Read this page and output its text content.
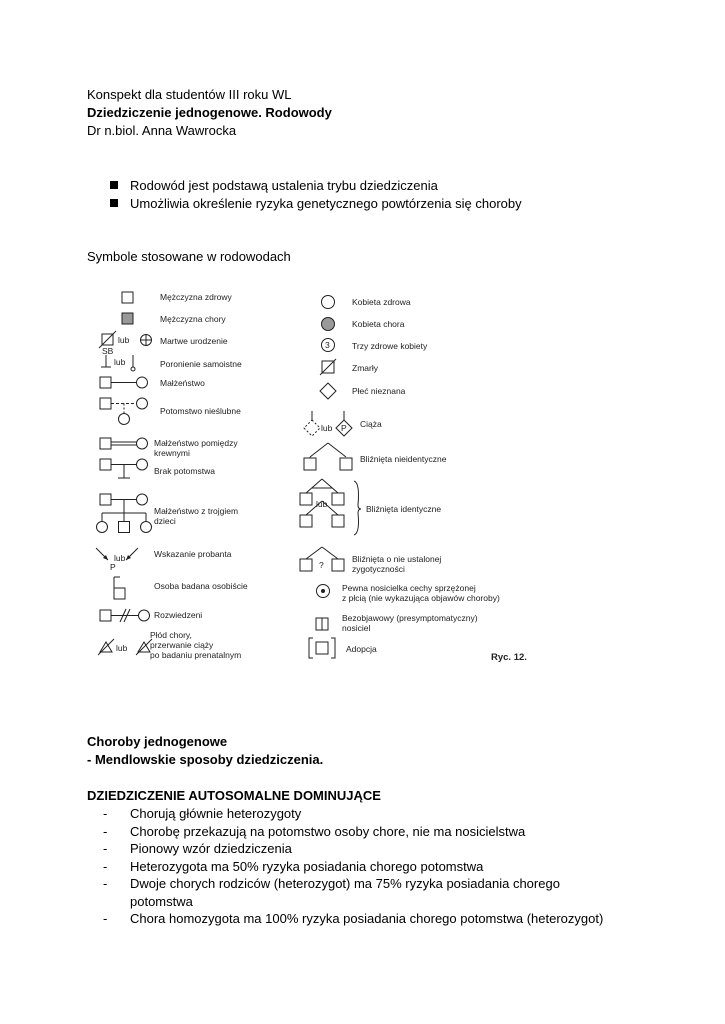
Konspekt dla studentów III roku WL
Dziedziczenie jednogenowe. Rodowody
Dr n.biol. Anna Wawrocka
Rodowód jest podstawą ustalenia trybu dziedziczenia
Umożliwia określenie ryzyka genetycznego powtórzenia się choroby
Symbole stosowane w rodowodach
Mężczyzna zdrowy
Mężczyzna chory
lub
SB
Martwe urodzenie
lub	Poronienie samoistne
Małżeństwo
Potomstwo nieślubne
Małżeństwo pomiędzy
krewnymi
Brak potomstwa
Małżeństwo z trojgiem
dzieci
lub
P
Wskazanie probanta
Osoba badana osobiście
Rozwiedzeni
lub
Płód chory,
przerwanie ciąży
po badaniu prenatalnym
Kobieta zdrowa
Kobieta chora
3	Trzy zdrowe kobiety
Zmarły
Płeć nieznana
lub P Ciąża
Bliźnięta nieidentyczne
lub	Bliźnięta identyczne
?
Bliźnięta o nie ustalonej
zygotyczności
Pewna nosicielka cechy sprzężonej
z płcią (nie wykazująca objawów choroby)
Bezobjawowy (presymptomatyczny)
nosiciel
Adopcja
Ryc. 12.
Choroby jednogenowe
- Mendlowskie sposoby dziedziczenia.
DZIEDZICZENIE AUTOSOMALNE DOMINUJĄCE
- Chorują głównie heterozygoty
- Chorobę przekazują na potomstwo osoby chore, nie ma nosicielstwa
- Pionowy wzór dziedziczenia
- Heterozygota ma 50% ryzyka posiadania chorego potomstwa
- Dwoje chorych rodziców (heterozygot) ma 75% ryzyka posiadania chorego potomstwa
- Chora homozygota ma 100% ryzyka posiadania chorego potomstwa (heterozygot)
